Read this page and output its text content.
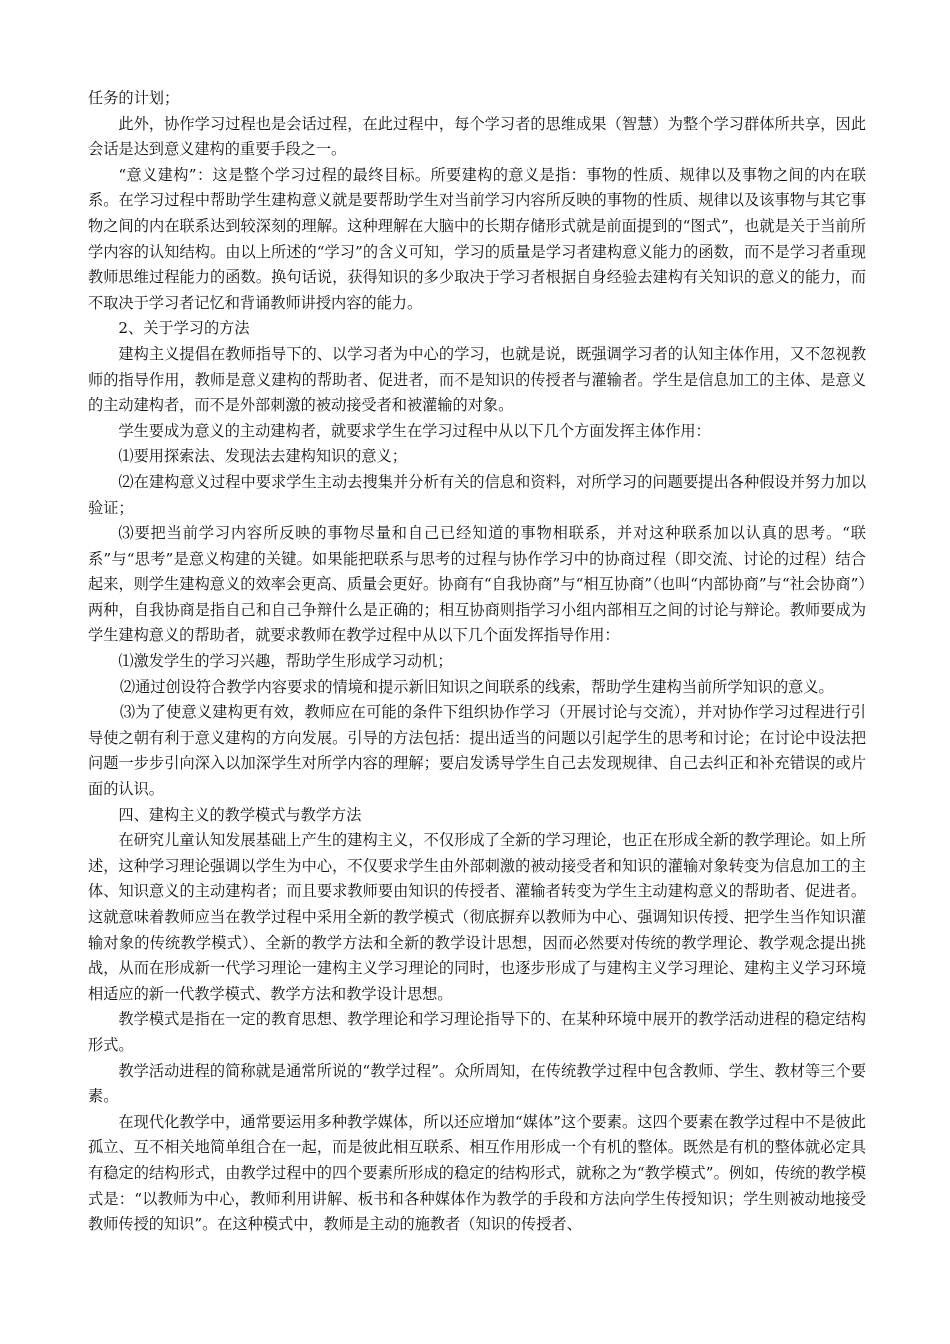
任务的计划；

此外，协作学习过程也是会话过程，在此过程中，每个学习者的思维成果（智慧）为整个学习群体所共享，因此会话是达到意义建构的重要手段之一。

“意义建构”：这是整个学习过程的最终目标。所要建构的意义是指：事物的性质、规律以及事物之间的内在联系。在学习过程中帮助学生建构意义就是要帮助学生对当前学习内容所反映的事物的性质、规律以及该事物与其它事物之间的内在联系达到较深刻的理解。这种理解在大脑中的长期存储形式就是前面提到的“图式”，也就是关于当前所学内容的认知结构。由以上所述的“学习”的含义可知，学习的质量是学习者建构意义能力的函数，而不是学习者重现教师思维过程能力的函数。换句话说，获得知识的多少取决于学习者根据自身经验去建构有关知识的意义的能力，而不取决于学习者记忆和背诵教师讲授内容的能力。

2、关于学习的方法

建构主义提倡在教师指导下的、以学习者为中心的学习，也就是说，既强调学习者的认知主体作用，又不忽视教师的指导作用，教师是意义建构的帮助者、促进者，而不是知识的传授者与灌输者。学生是信息加工的主体、是意义的主动建构者，而不是外部刺激的被动接受者和被灌输的对象。

学生要成为意义的主动建构者，就要求学生在学习过程中从以下几个方面发挥主体作用：

⑴要用探索法、发现法去建构知识的意义；

⑵在建构意义过程中要求学生主动去搜集并分析有关的信息和资料，对所学习的问题要提出各种假设并努力加以验证；

⑶要把当前学习内容所反映的事物尽量和自己已经知道的事物相联系，并对这种联系加以认真的思考。“联系”与“思考”是意义构建的关键。如果能把联系与思考的过程与协作学习中的协商过程（即交流、讨论的过程）结合起来，则学生建构意义的效率会更高、质量会更好。协商有“自我协商”与“相互协商”（也叫“内部协商”与“社会协商”）两种，自我协商是指自己和自己争辩什么是正确的；相互协商则指学习小组内部相互之间的讨论与辩论。教师要成为学生建构意义的帮助者，就要求教师在教学过程中从以下几个面发挥指导作用：

⑴激发学生的学习兴趣，帮助学生形成学习动机；

⑵通过创设符合教学内容要求的情境和提示新旧知识之间联系的线索，帮助学生建构当前所学知识的意义。

⑶为了使意义建构更有效，教师应在可能的条件下组织协作学习（开展讨论与交流），并对协作学习过程进行引导使之朝有利于意义建构的方向发展。引导的方法包括：提出适当的问题以引起学生的思考和讨论；在讨论中设法把问题一步步引向深入以加深学生对所学内容的理解；要启发诱导学生自己去发现规律、自己去纠正和补充错误的或片面的认识。

四、建构主义的教学模式与教学方法

在研究儿童认知发展基础上产生的建构主义，不仅形成了全新的学习理论，也正在形成全新的教学理论。如上所述，这种学习理论强调以学生为中心，不仅要求学生由外部刺激的被动接受者和知识的灌输对象转变为信息加工的主体、知识意义的主动建构者；而且要求教师要由知识的传授者、灌输者转变为学生主动建构意义的帮助者、促进者。这就意味着教师应当在教学过程中采用全新的教学模式（彻底摒弃以教师为中心、强调知识传授、把学生当作知识灌输对象的传统教学模式）、全新的教学方法和全新的教学设计思想，因而必然要对传统的教学理论、教学观念提出挑战，从而在形成新一代学习理论一建构主义学习理论的同时，也逐步形成了与建构主义学习理论、建构主义学习环境相适应的新一代教学模式、教学方法和教学设计思想。

教学模式是指在一定的教育思想、教学理论和学习理论指导下的、在某种环境中展开的教学活动进程的稳定结构形式。

教学活动进程的简称就是通常所说的“教学过程”。众所周知，在传统教学过程中包含教师、学生、教材等三个要素。

在现代化教学中，通常要运用多种教学媒体，所以还应增加“媒体”这个要素。这四个要素在教学过程中不是彼此孤立、互不相关地简单组合在一起，而是彼此相互联系、相互作用形成一个有机的整体。既然是有机的整体就必定具有稳定的结构形式，由教学过程中的四个要素所形成的稳定的结构形式，就称之为“教学模式”。例如，传统的教学模式是：“以教师为中心，教师利用讲解、板书和各种媒体作为教学的手段和方法向学生传授知识；学生则被动地接受教师传授的知识”。在这种模式中，教师是主动的施教者（知识的传授者、
